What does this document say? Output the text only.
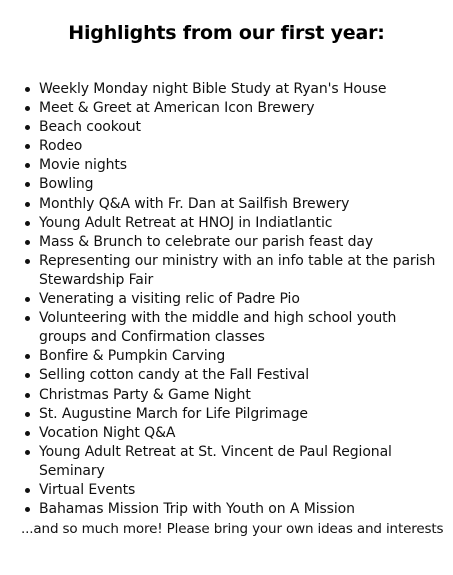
Highlights from our first year:
Weekly Monday night Bible Study at Ryan's House
Meet & Greet at American Icon Brewery
Beach cookout
Rodeo
Movie nights
Bowling
Monthly Q&A with Fr. Dan at Sailfish Brewery
Young Adult Retreat at HNOJ in Indiatlantic
Mass & Brunch to celebrate our parish feast day
Representing our ministry with an info table at the parish Stewardship Fair
Venerating a visiting relic of Padre Pio
Volunteering with the middle and high school youth groups and Confirmation classes
Bonfire & Pumpkin Carving
Selling cotton candy at the Fall Festival
Christmas Party & Game Night
St. Augustine March for Life Pilgrimage
Vocation Night Q&A
Young Adult Retreat at St. Vincent de Paul Regional Seminary
Virtual Events
Bahamas Mission Trip with Youth on A Mission

...and so much more! Please bring your own ideas and interests
